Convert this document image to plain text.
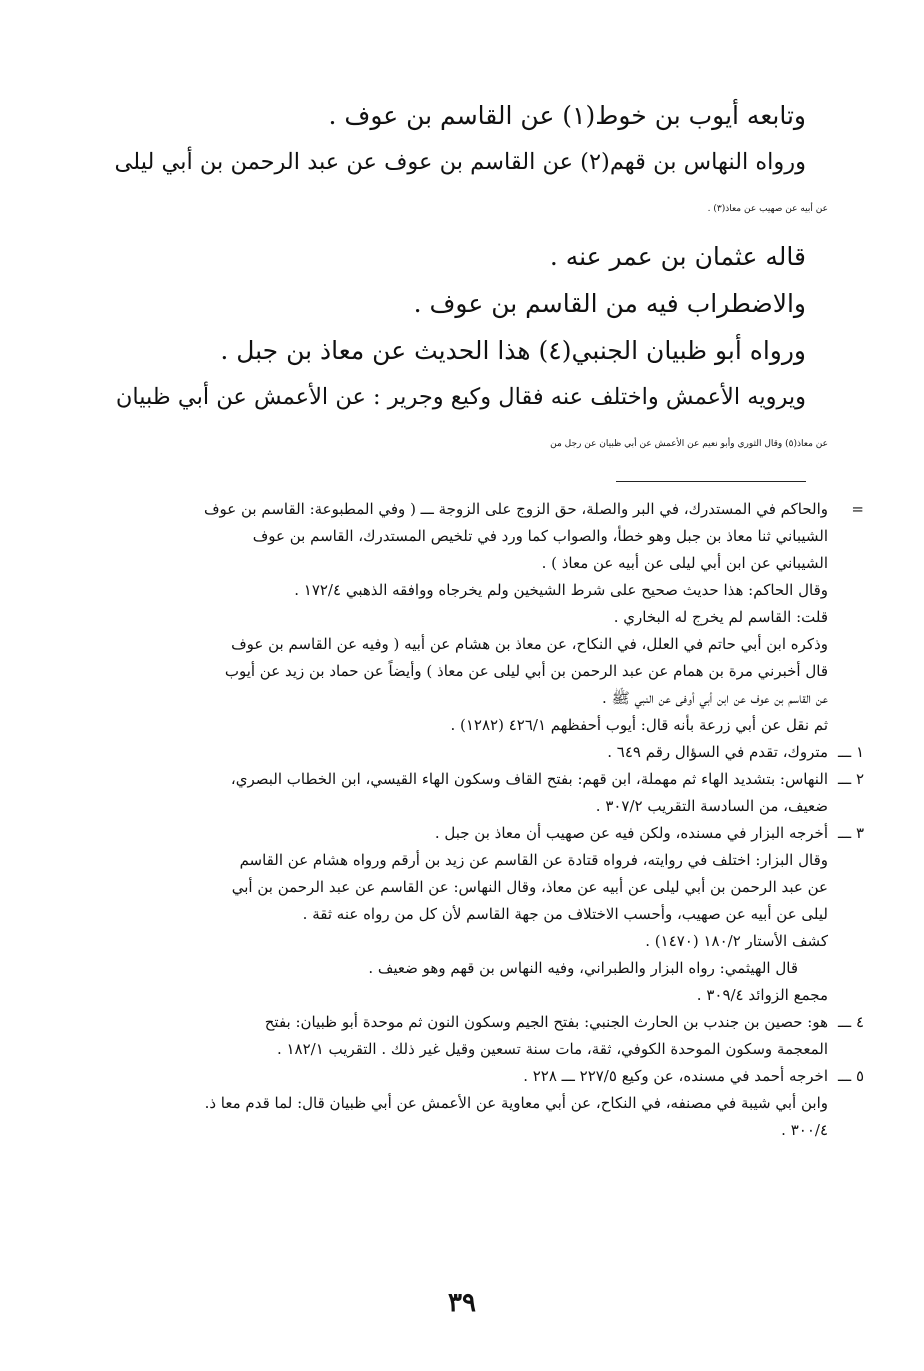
وتابعه أيوب بن خوط(١) عن القاسم بن عوف .
ورواه النهاس بن قهم(٢) عن القاسم بن عوف عن عبد الرحمن بن أبي ليلى
عن أبيه عن صهيب عن معاذ(٣) .
قاله عثمان بن عمر عنه .
والاضطراب فيه من القاسم بن عوف .
ورواه أبو ظبيان الجنبي(٤) هذا الحديث عن معاذ بن جبل .
ويرويه الأعمش واختلف عنه فقال وكيع وجرير : عن الأعمش عن أبي ظبيان
عن معاذ(٥) وقال الثوري وأبو نعيم عن الأعمش عن أبي ظبيان عن رجل من
=
والحاكم في المستدرك، في البر والصلة، حق الزوج على الزوجة ـــ ( وفي المطبوعة: القاسم بن عوف
الشيباني ثنا معاذ بن جبل وهو خطأ، والصواب كما ورد في تلخيص المستدرك، القاسم بن عوف
الشيباني عن ابن أبي ليلى عن أبيه عن معاذ ) .
وقال الحاكم: هذا حديث صحيح على شرط الشيخين ولم يخرجاه ووافقه الذهبي ١٧٢/٤ .
قلت: القاسم لم يخرج له البخاري .
وذكره ابن أبي حاتم في العلل، في النكاح، عن معاذ بن هشام عن أبيه ( وفيه عن القاسم بن عوف
قال أخبرني مرة بن همام عن عبد الرحمن بن أبي ليلى عن معاذ ) وأيضاً عن حماد بن زيد عن أيوب
عن القاسم بن عوف عن ابن أبي أوفى عن النبي ﷺ .
ثم نقل عن أبي زرعة بأنه قال: أيوب أحفظهم ٤٢٦/١ (١٢٨٢) .
١ ـــ
متروك، تقدم في السؤال رقم ٦٤٩ .
٢ ـــ
النهاس: بتشديد الهاء ثم مهملة، ابن قهم: بفتح القاف وسكون الهاء القيسي، ابن الخطاب البصري،
ضعيف، من السادسة التقريب ٣٠٧/٢ .
٣ ـــ
أخرجه البزار في مسنده، ولكن فيه عن صهيب أن معاذ بن جبل .
وقال البزار: اختلف في روايته، فرواه قتادة عن القاسم عن زيد بن أرقم ورواه هشام عن القاسم
عن عبد الرحمن بن أبي ليلى عن أبيه عن معاذ، وقال النهاس: عن القاسم عن عبد الرحمن بن أبي
ليلى عن أبيه عن صهيب، وأحسب الاختلاف من جهة القاسم لأن كل من رواه عنه ثقة .
كشف الأستار ١٨٠/٢ (١٤٧٠) .
قال الهيثمي: رواه البزار والطبراني، وفيه النهاس بن قهم وهو ضعيف .
مجمع الزوائد ٣٠٩/٤ .
٤ ـــ
هو: حصين بن جندب بن الحارث الجنبي: بفتح الجيم وسكون النون ثم موحدة أبو ظبيان: بفتح
المعجمة وسكون الموحدة الكوفي، ثقة، مات سنة تسعين وقيل غير ذلك . التقريب ١٨٢/١ .
٥ ـــ
اخرجه أحمد في مسنده، عن وكيع ٢٢٧/٥ ـــ ٢٢٨ .
وابن أبي شيبة في مصنفه، في النكاح، عن أبي معاوية عن الأعمش عن أبي ظبيان قال: لما قدم معا ذ.
٣٠٠/٤ .
٣٩
